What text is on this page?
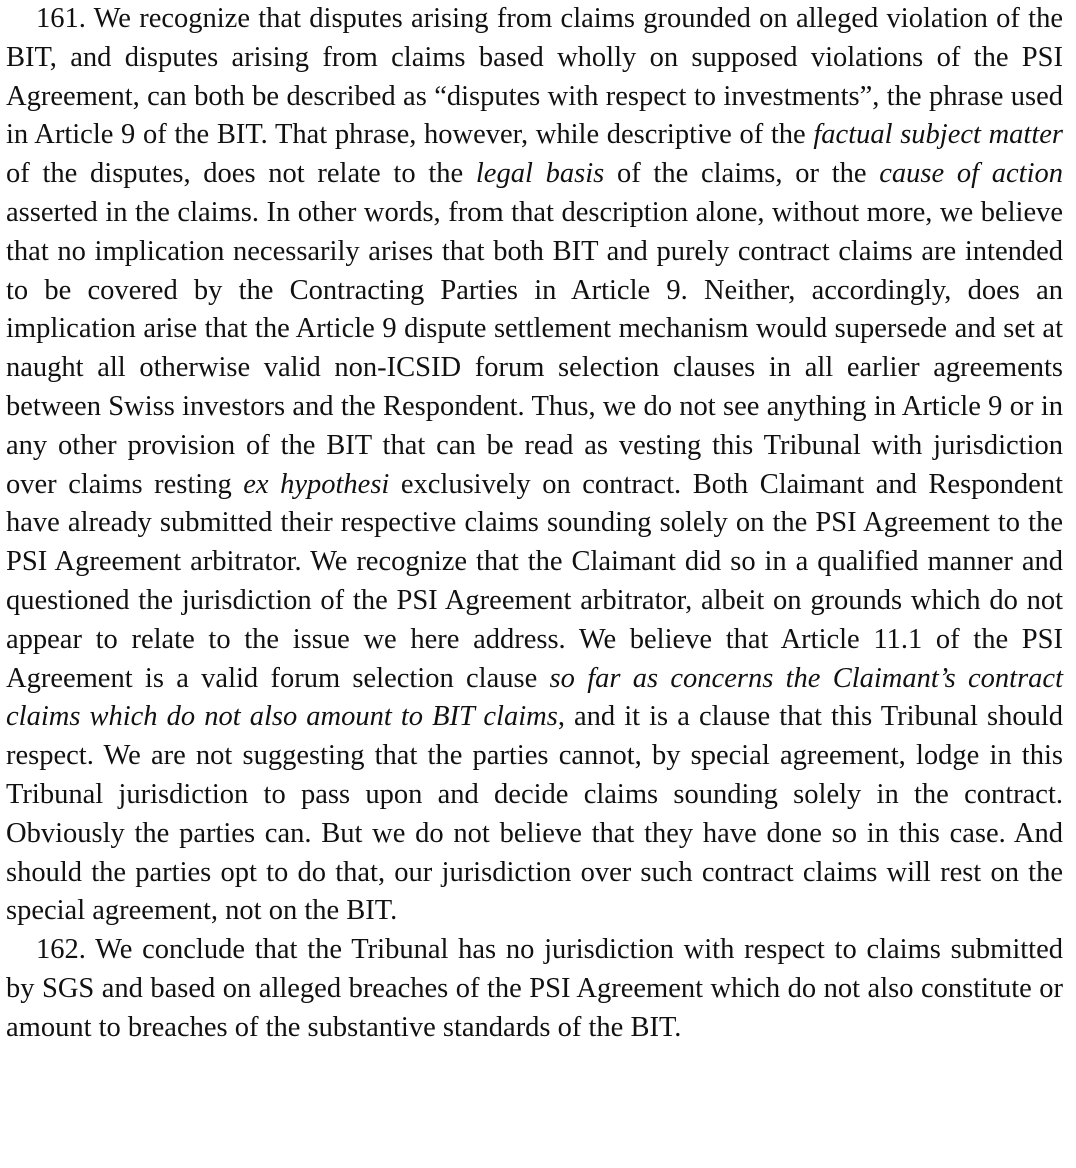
161. We recognize that disputes arising from claims grounded on alleged violation of the BIT, and disputes arising from claims based wholly on supposed violations of the PSI Agreement, can both be described as “disputes with respect to investments”, the phrase used in Article 9 of the BIT. That phrase, however, while descriptive of the factual subject matter of the disputes, does not relate to the legal basis of the claims, or the cause of action asserted in the claims. In other words, from that description alone, without more, we believe that no implication necessarily arises that both BIT and purely contract claims are intended to be covered by the Contracting Parties in Article 9. Neither, accordingly, does an implication arise that the Article 9 dispute settlement mechanism would supersede and set at naught all otherwise valid non-ICSID forum selection clauses in all earlier agreements between Swiss investors and the Respondent. Thus, we do not see anything in Article 9 or in any other provision of the BIT that can be read as vesting this Tribunal with jurisdiction over claims resting ex hypothesi exclusively on contract. Both Claimant and Respondent have already submitted their respective claims sounding solely on the PSI Agreement to the PSI Agreement arbitrator. We recognize that the Claimant did so in a qualified manner and questioned the jurisdiction of the PSI Agreement arbitrator, albeit on grounds which do not appear to relate to the issue we here address. We believe that Article 11.1 of the PSI Agreement is a valid forum selection clause so far as concerns the Claimant’s contract claims which do not also amount to BIT claims, and it is a clause that this Tribunal should respect. We are not suggesting that the parties cannot, by special agreement, lodge in this Tribunal jurisdiction to pass upon and decide claims sounding solely in the contract. Obviously the parties can. But we do not believe that they have done so in this case. And should the parties opt to do that, our jurisdiction over such contract claims will rest on the special agreement, not on the BIT.

162. We conclude that the Tribunal has no jurisdiction with respect to claims submitted by SGS and based on alleged breaches of the PSI Agreement which do not also constitute or amount to breaches of the substantive standards of the BIT.
